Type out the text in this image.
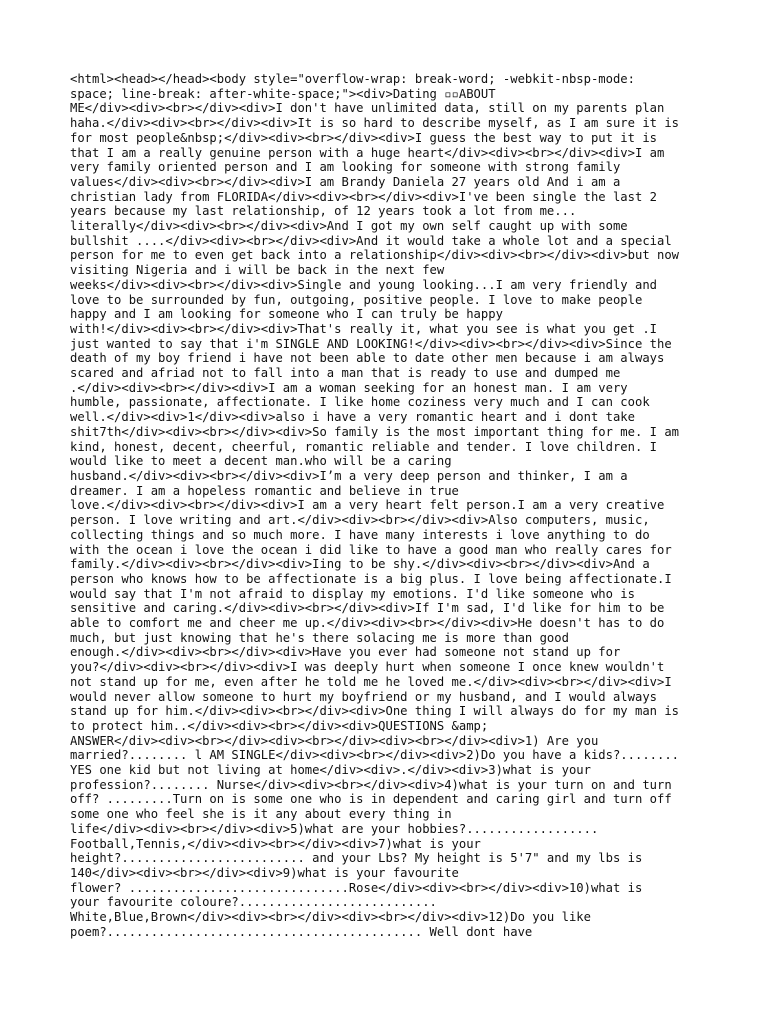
<html><head></head><body style="overflow-wrap: break-word; -webkit-nbsp-mode:
space; line-break: after-white-space;"><div>Dating ▫▫ABOUT
ME</div><div><br></div><div>I don't have unlimited data, still on my parents plan
haha.</div><div><br></div><div>It is so hard to describe myself, as I am sure it is
for most people&nbsp;</div><div><br></div><div>I guess the best way to put it is
that I am a really genuine person with a huge heart</div><div><br></div><div>I am
very family oriented person and I am looking for someone with strong family
values</div><div><br></div><div>I am Brandy Daniela 27 years old And i am a
christian lady from FLORIDA</div><div><br></div><div>I've been single the last 2
years because my last relationship, of 12 years took a lot from me...
literally</div><div><br></div><div>And I got my own self caught up with some
bullshit ....</div><div><br></div><div>And it would take a whole lot and a special
person for me to even get back into a relationship</div><div><br></div><div>but now
visiting Nigeria and i will be back in the next few
weeks</div><div><br></div><div>Single and young looking...I am very friendly and
love to be surrounded by fun, outgoing, positive people. I love to make people
happy and I am looking for someone who I can truly be happy
with!</div><div><br></div><div>That's really it, what you see is what you get .I
just wanted to say that i'm SINGLE AND LOOKING!</div><div><br></div><div>Since the
death of my boy friend i have not been able to date other men because i am always
scared and afriad not to fall into a man that is ready to use and dumped me
.</div><div><br></div><div>I am a woman seeking for an honest man. I am very
humble, passionate, affectionate. I like home coziness very much and I can cook
well.</div><div>1</div><div>also i have a very romantic heart and i dont take
shit7th</div><div><br></div><div>So family is the most important thing for me. I am
kind, honest, decent, cheerful, romantic reliable and tender. I love children. I
would like to meet a decent man.who will be a caring
husband.</div><div><br></div><div>I’m a very deep person and thinker, I am a
dreamer. I am a hopeless romantic and believe in true
love.</div><div><br></div><div>I am a very heart felt person.I am a very creative
person. I love writing and art.</div><div><br></div><div>Also computers, music,
collecting things and so much more. I have many interests i love anything to do
with the ocean i love the ocean i did like to have a good man who really cares for
family.</div><div><br></div><div>Iing to be shy.</div><div><br></div><div>And a
person who knows how to be affectionate is a big plus. I love being affectionate.I
would say that I'm not afraid to display my emotions. I'd like someone who is
sensitive and caring.</div><div><br></div><div>If I'm sad, I'd like for him to be
able to comfort me and cheer me up.</div><div><br></div><div>He doesn't has to do
much, but just knowing that he's there solacing me is more than good
enough.</div><div><br></div><div>Have you ever had someone not stand up for
you?</div><div><br></div><div>I was deeply hurt when someone I once knew wouldn't
not stand up for me, even after he told me he loved me.</div><div><br></div><div>I
would never allow someone to hurt my boyfriend or my husband, and I would always
stand up for him.</div><div><br></div><div>One thing I will always do for my man is
to protect him..</div><div><br></div><div>QUESTIONS &amp;
ANSWER</div><div><br></div><div><br></div><div><br></div><div>1) Are you
married?........ l AM SINGLE</div><div><br></div><div>2)Do you have a kids?........
YES one kid but not living at home</div><div>.</div><div>3)what is your
profession?........ Nurse</div><div><br></div><div>4)what is your turn on and turn
off? .........Turn on is some one who is in dependent and caring girl and turn off
some one who feel she is it any about every thing in
life</div><div><br></div><div>5)what are your hobbies?..................
Football,Tennis,</div><div><br></div><div>7)what is your
height?......................... and your Lbs? My height is 5'7" and my lbs is
140</div><div><br></div><div>9)what is your favourite
flower? ..............................Rose</div><div><br></div><div>10)what is
your favourite coloure?...........................
White,Blue,Brown</div><div><br></div><div><br></div><div>12)Do you like
poem?........................................... Well dont have
